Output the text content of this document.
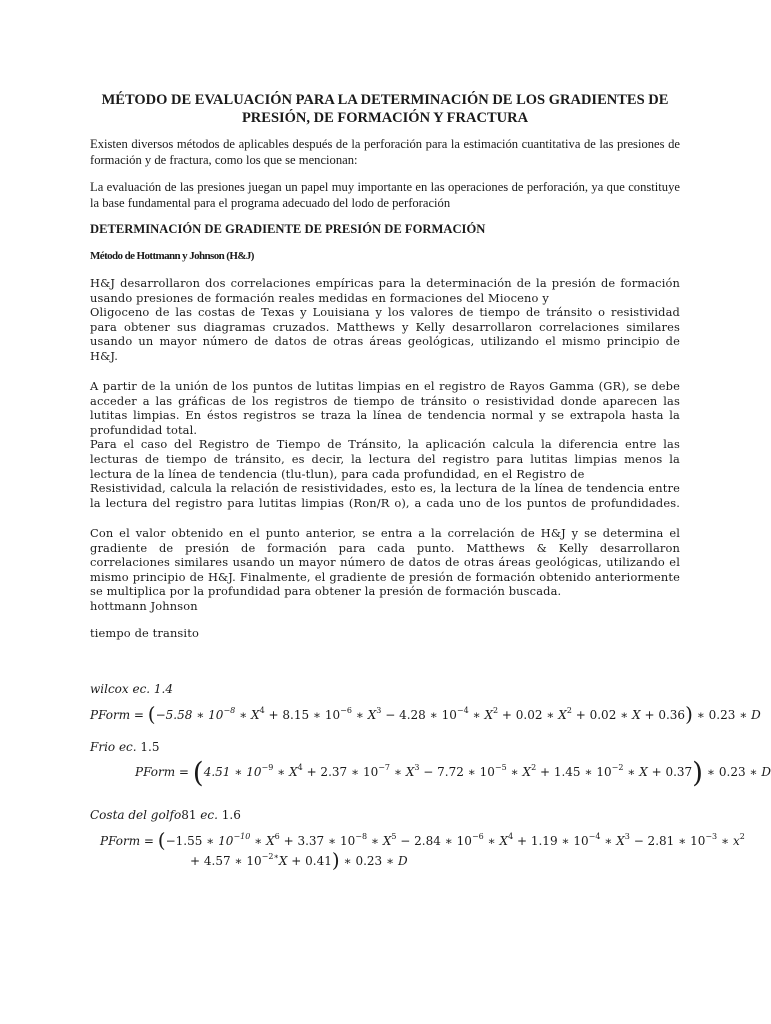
MÉTODO DE EVALUACIÓN PARA LA DETERMINACIÓN DE LOS GRADIENTES DE
PRESIÓN, DE FORMACIÓN Y FRACTURA
Existen diversos métodos de aplicables después de la perforación para la estimación cuantitativa de las presiones de formación y de fractura, como los que se mencionan:
La evaluación de las presiones juegan un papel muy importante en las operaciones de perforación, ya que constituye la base fundamental para el programa adecuado del lodo de perforación
DETERMINACIÓN DE GRADIENTE DE PRESIÓN DE FORMACIÓN
Método de Hottmann y Johnson (H&J)
H&J desarrollaron dos correlaciones empíricas para la determinación de la presión de formación
usando presiones de formación reales medidas en formaciones del Mioceno y
Oligoceno de las costas de Texas y Louisiana y los valores de tiempo de tránsito o resistividad
para obtener sus diagramas cruzados. Matthews y Kelly desarrollaron correlaciones similares
usando un mayor número de datos de otras áreas geológicas, utilizando el mismo principio de
H&J.
A partir de la unión de los puntos de lutitas limpias en el registro de Rayos Gamma (GR), se debe
acceder a las gráficas de los registros de tiempo de tránsito o resistividad donde aparecen las
lutitas limpias. En éstos registros se traza la línea de tendencia normal y se extrapola hasta la
profundidad total.
Para el caso del Registro de Tiempo de Tránsito, la aplicación calcula la diferencia entre las
lecturas de tiempo de tránsito, es decir, la lectura del registro para lutitas limpias menos la
lectura de la línea de tendencia (tlu-tlun), para cada profundidad, en el Registro de
Resistividad, calcula la relación de resistividades, esto es, la lectura de la línea de tendencia entre
la lectura del registro para lutitas limpias (Ron/R o), a cada uno de los puntos de profundidades.
Con el valor obtenido en el punto anterior, se entra a la correlación de H&J y se determina el
gradiente de presión de formación para cada punto. Matthews & Kelly desarrollaron
correlaciones similares usando un mayor número de datos de otras áreas geológicas, utilizando el
mismo principio de H&J. Finalmente, el gradiente de presión de formación obtenido anteriormente
se multiplica por la profundidad para obtener la presión de formación buscada.
hottmann Johnson
tiempo de transito
wilcox ec. 1.4
PForm = (−5.58 ∗ $10^{-8}$ ∗ $X^4 + 8.15$ ∗ $10^{-6}$ ∗ $X^3 - 4.28$ ∗ $10^{-4}$ ∗ $X^2 + 0.02$ ∗ $X^2 + 0.02$ ∗ X + 0.36) ∗ 0.23 ∗ D
Frio ec. 1.5
PForm = (4.51 ∗ $10^{-9}$ ∗ $X^4 + 2.37$ ∗ $10^{-7}$ ∗ $X^3 - 7.72$ ∗ $10^{-5}$ ∗ $X^2 + 1.45$ ∗ $10^{-2}$ ∗ X + 0.37) ∗ 0.23 ∗ D
Costa del golfo81 ec. 1.6
PForm = (−1.55 ∗ $10^{-10}$ ∗ $X^6 + 3.37$ ∗ $10^{-8}$ ∗ $X^5 - 2.84$ ∗ $10^{-6}$ ∗ $X^4 + 1.19$ ∗ $10^{-4}$ ∗ $X^3 - 2.81$ ∗ $10^{-3}$ ∗ $x^2$
+ 4.57 ∗ $10^{-2∗}X + 0.41$) ∗ 0.23 ∗ D
